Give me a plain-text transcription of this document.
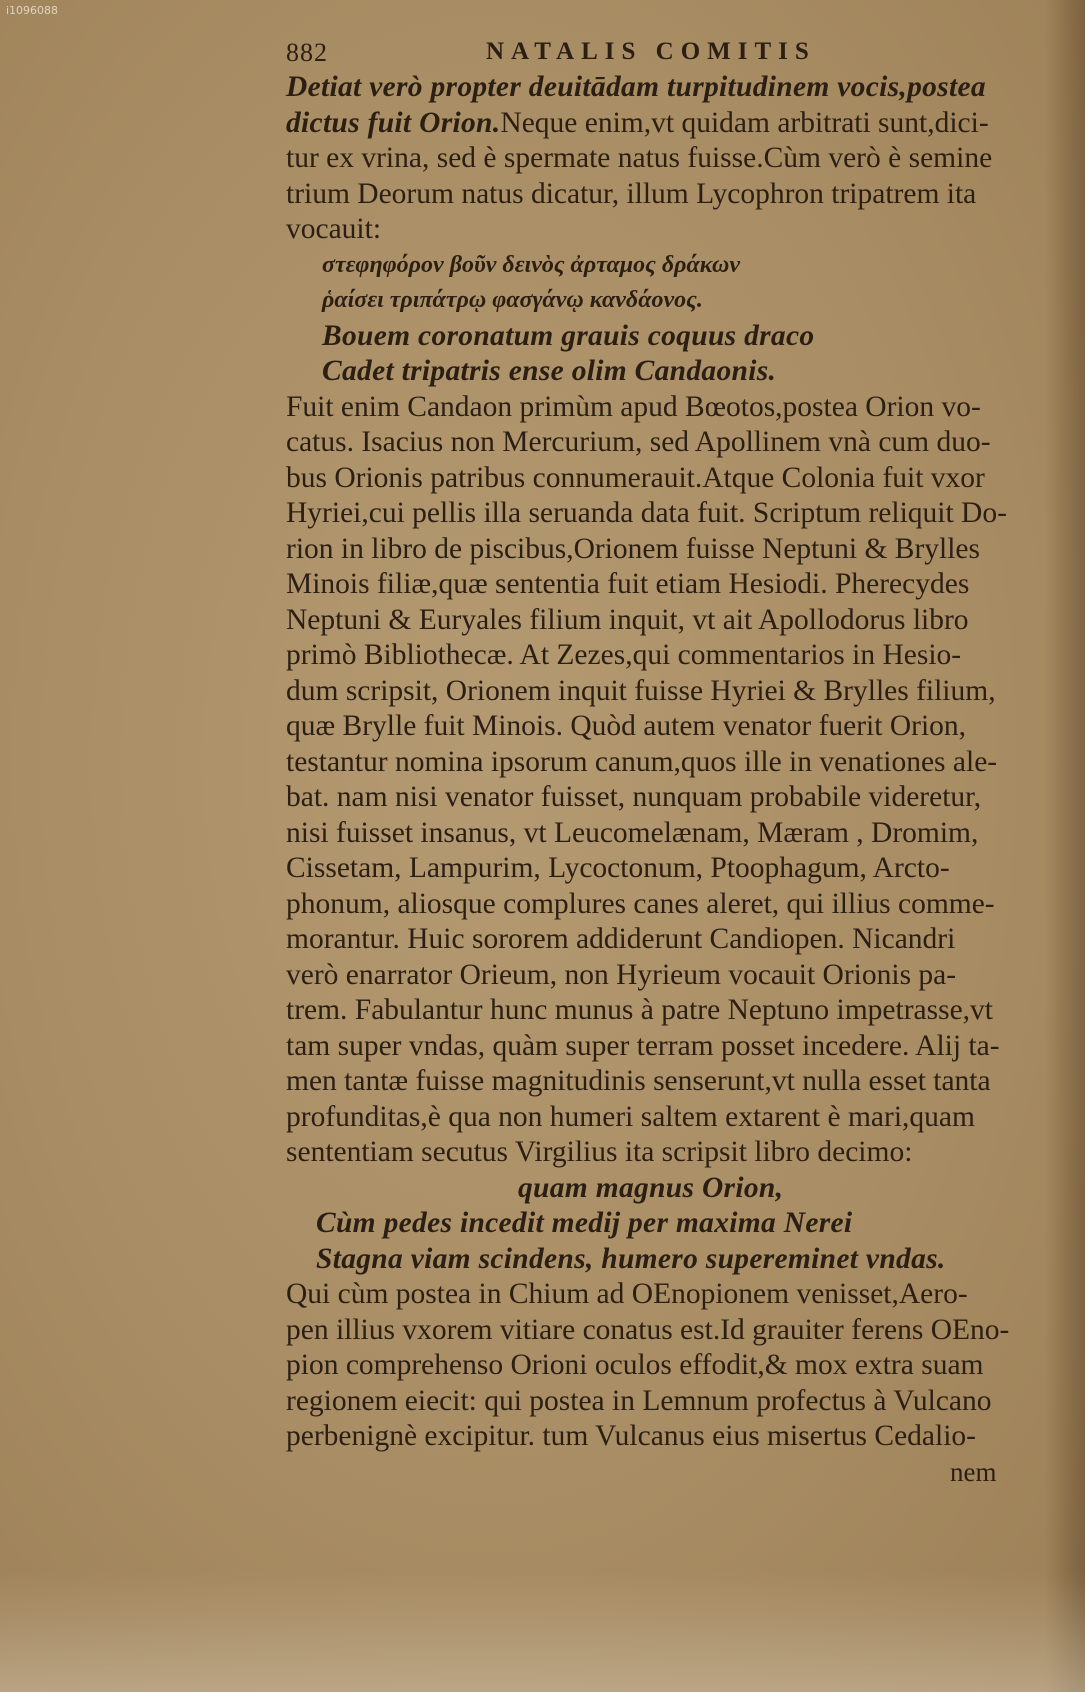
i1096088
882	NATALIS COMITIS
Detiat verò propter deuitādam turpitudinem vocis,postea
dictus fuit Orion.Neque enim,vt quidam arbitrati sunt,dici-
tur ex vrina, sed è spermate natus fuisse.Cùm verò è semine
trium Deorum natus dicatur, illum Lycophron tripatrem ita
vocauit:
στεφηφόρον βοῦν δεινὸς ἀρταμος δράκων
ῥαίσει τριπάτρῳ φασγάνῳ κανδάονος.
Bouem coronatum grauis coquus draco
Cadet tripatris ense olim Candaonis.
Fuit enim Candaon primùm apud Bœotos,postea Orion vo-
catus. Isacius non Mercurium, sed Apollinem vnà cum duo-
bus Orionis patribus connumerauit.Atque Colonia fuit vxor
Hyriei,cui pellis illa seruanda data fuit. Scriptum reliquit Do-
rion in libro de piscibus,Orionem fuisse Neptuni & Brylles
Minois filiæ,quæ sententia fuit etiam Hesiodi. Pherecydes
Neptuni & Euryales filium inquit, vt ait Apollodorus libro
primò Bibliothecæ. At Zezes,qui commentarios in Hesio-
dum scripsit, Orionem inquit fuisse Hyriei & Brylles filium,
quæ Brylle fuit Minois. Quòd autem venator fuerit Orion,
testantur nomina ipsorum canum,quos ille in venationes ale-
bat. nam nisi venator fuisset, nunquam probabile videretur,
nisi fuisset insanus, vt Leucomelænam, Mæram , Dromim,
Cissetam, Lampurim, Lycoctonum, Ptoophagum, Arcto-
phonum, aliosque complures canes aleret, qui illius comme-
morantur. Huic sororem addiderunt Candiopen. Nicandri
verò enarrator Orieum, non Hyrieum vocauit Orionis pa-
trem. Fabulantur hunc munus à patre Neptuno impetrasse,vt
tam super vndas, quàm super terram posset incedere. Alij ta-
men tantæ fuisse magnitudinis senserunt,vt nulla esset tanta
profunditas,è qua non humeri saltem extarent è mari,quam
sententiam secutus Virgilius ita scripsit libro decimo:
quam magnus Orion,
Cùm pedes incedit medij per maxima Nerei
Stagna viam scindens, humero supereminet vndas.
Qui cùm postea in Chium ad OEnopionem venisset,Aero-
pen illius vxorem vitiare conatus est.Id grauiter ferens OEno-
pion comprehenso Orioni oculos effodit,& mox extra suam
regionem eiecit: qui postea in Lemnum profectus à Vulcano
perbenignè excipitur. tum Vulcanus eius misertus Cedalio-
nem
